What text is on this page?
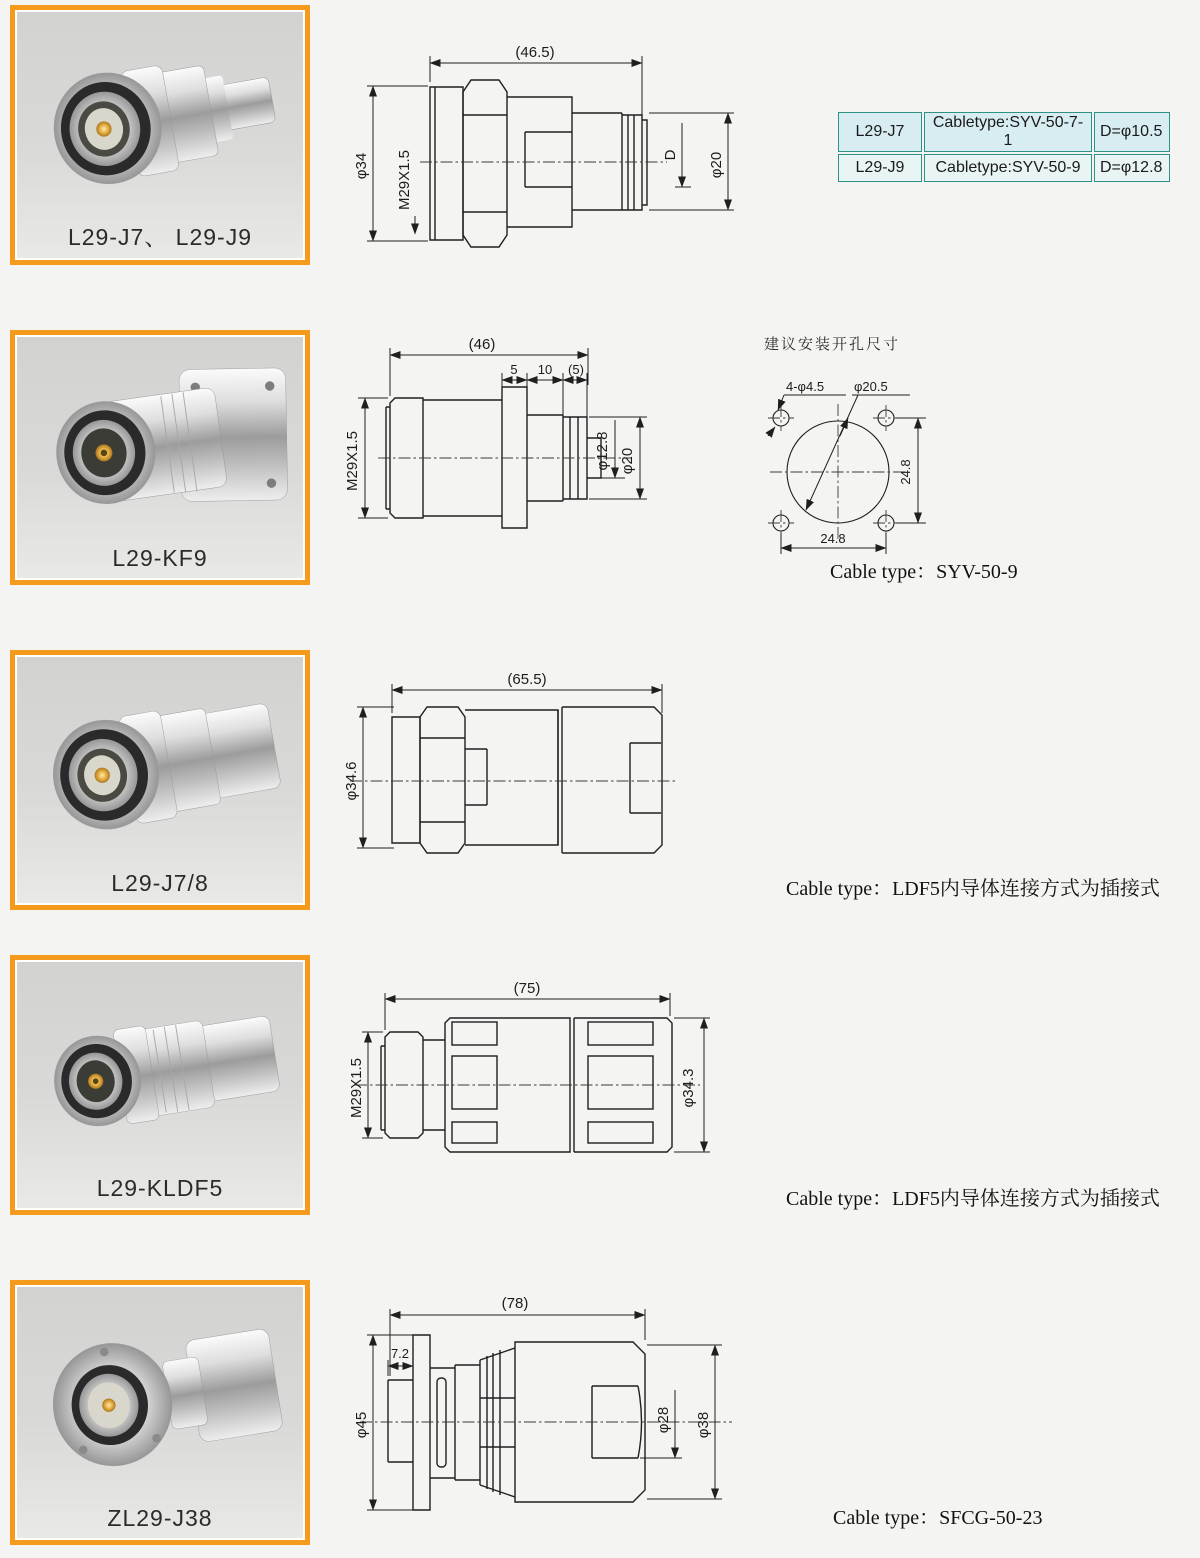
L29-J7、 L29-J9
(46.5)
φ34 M29X1.5	D φ20
L29-J7	Cabletype:SYV-50-7-1	D=φ10.5
L29-J9	Cabletype:SYV-50-9	D=φ12.8
L29-KF9
(46)
5 10 (5)
M29X1.5	φ12.8 φ20
建议安装开孔尺寸
4-φ4.5 φ20.5
24.8
24.8
Cable type：SYV-50-9
L29-J7/8
(65.5)
φ34.6
Cable type：LDF5内导体连接方式为插接式
L29-KLDF5
(75)
M29X1.5	φ34.3
Cable type：LDF5内导体连接方式为插接式
ZL29-J38
(78)
7.2
φ45	φ28 φ38
Cable type：SFCG-50-23
